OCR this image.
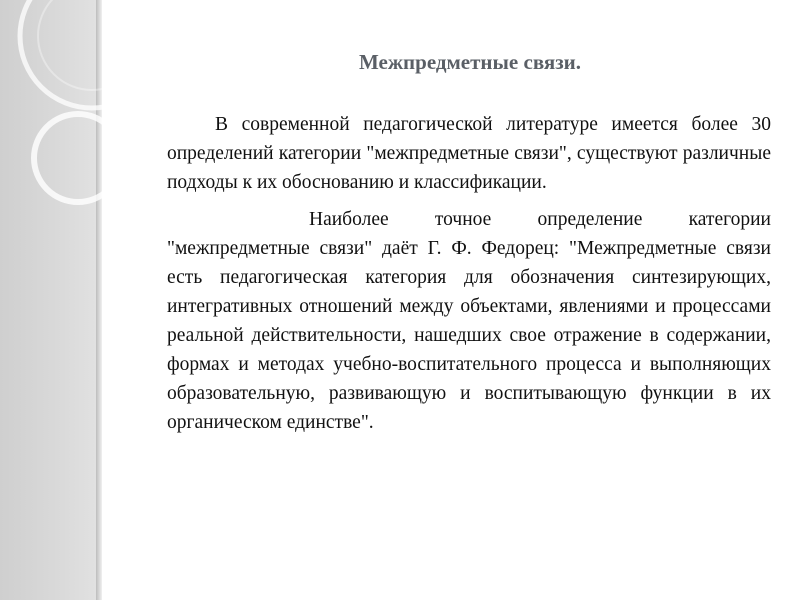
Межпредметные связи.

В современной педагогической литературе имеется более 30 определений категории "межпредметные связи", существуют различные подходы к их обоснованию и классификации.

Наиболее точное определение категории "межпредметные связи" даёт Г. Ф. Федорец: "Межпредметные связи есть педагогическая категория для обозначения синтезирующих, интегративных отношений между объектами, явлениями и процессами реальной действительности, нашедших свое отражение в содержании, формах и методах учебно-воспитательного процесса и выполняющих образовательную, развивающую и воспитывающую функции в их органическом единстве".
